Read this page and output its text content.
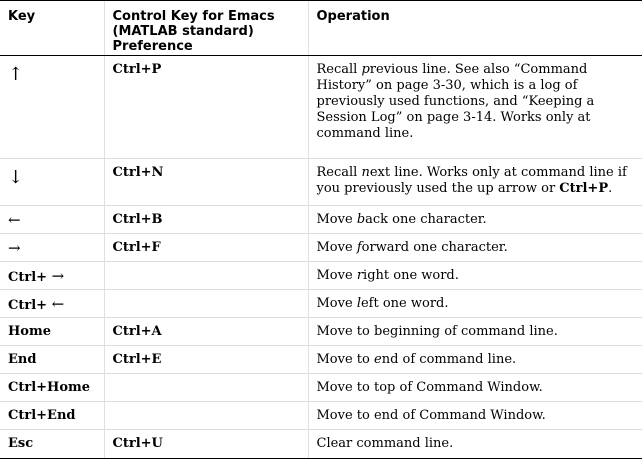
Key	Control Key for Emacs
(MATLAB standard)
Preference	Operation
↑	Ctrl+P	Recall previous line. See also “Command History” on page 3-30, which is a log of previously used functions, and “Keeping a Session Log” on page 3-14. Works only at command line.
↓	Ctrl+N	Recall next line. Works only at command line if you previously used the up arrow or Ctrl+P.
←	Ctrl+B	Move back one character.
→	Ctrl+F	Move forward one character.
Ctrl+ →		Move right one word.
Ctrl+ ←		Move left one word.
Home	Ctrl+A	Move to beginning of command line.
End	Ctrl+E	Move to end of command line.
Ctrl+Home		Move to top of Command Window.
Ctrl+End		Move to end of Command Window.
Esc	Ctrl+U	Clear command line.
